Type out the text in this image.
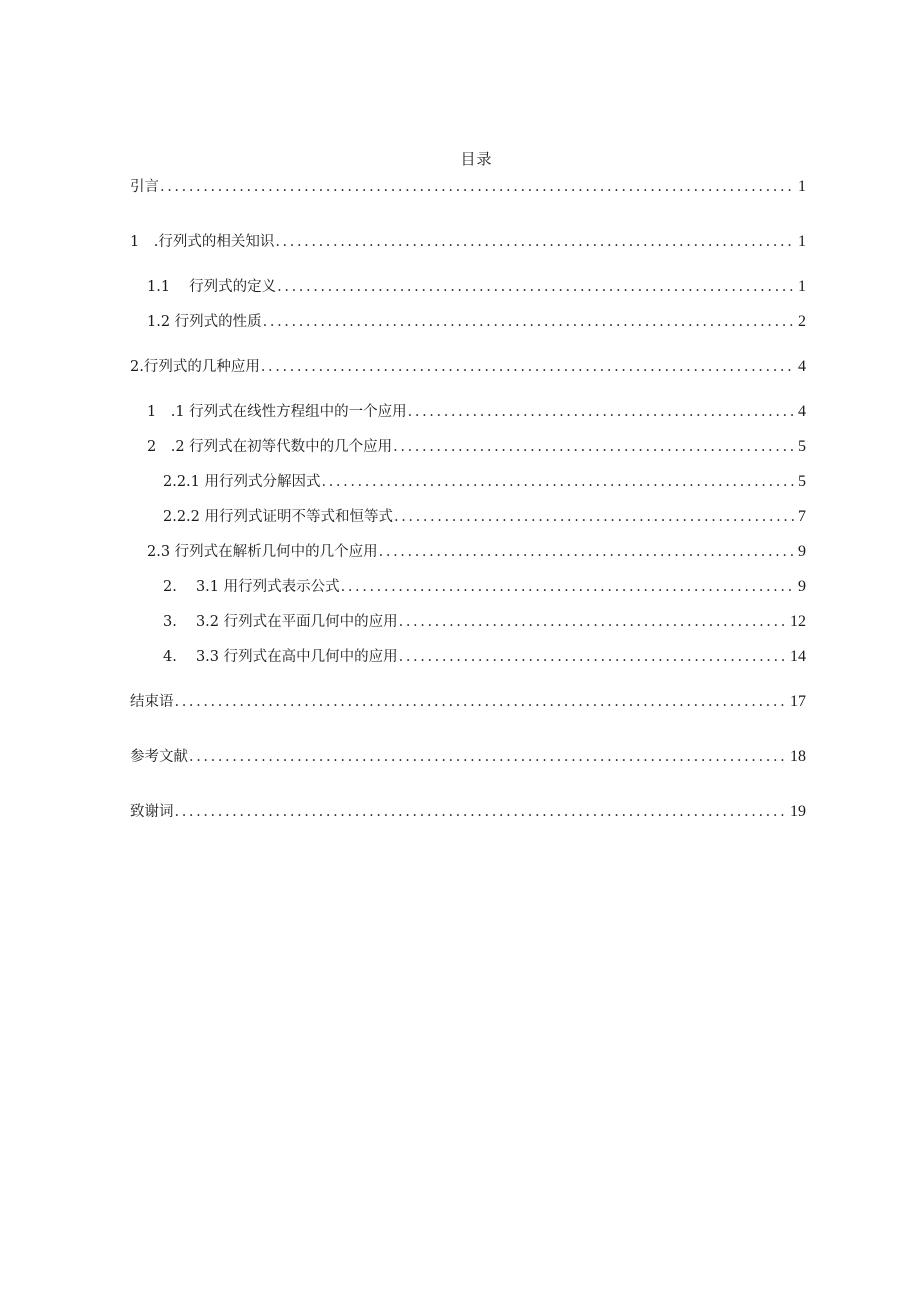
目录
引言 .....	1
1 .行列式的相关知识 .....	1
1.1  行列式的定义 .....	1
1.2 行列式的性质 .....	2
2.行列式的几种应用 .....	4
1 .1 行列式在线性方程组中的一个应用 .....	4
2 .2 行列式在初等代数中的几个应用 .....	5
2.2.1 用行列式分解因式 .....	5
2.2.2 用行列式证明不等式和恒等式 .....	7
2.3 行列式在解析几何中的几个应用 .....	9
2.  3.1 用行列式表示公式 .....	9
3.  3.2 行列式在平面几何中的应用 .....	12
4.  3.3 行列式在高中几何中的应用 .....	14
结束语 .....	17
参考文献 .....	18
致谢词 .....	19
